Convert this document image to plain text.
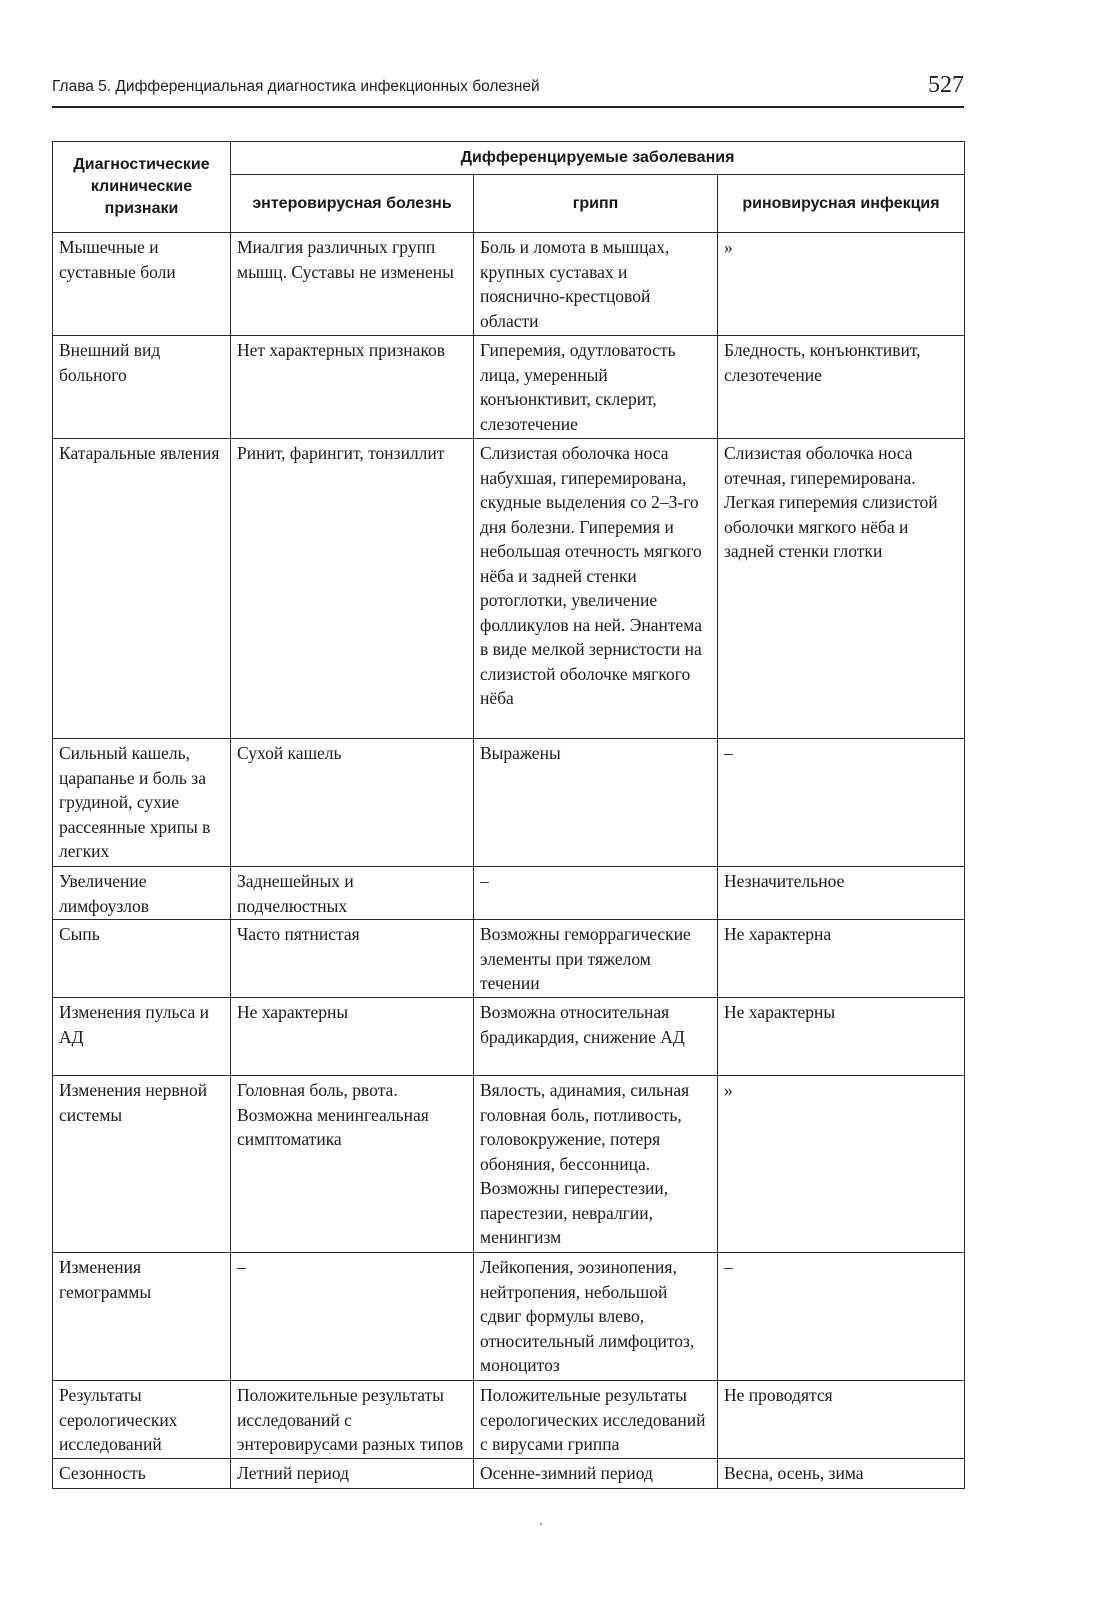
Глава 5. Дифференциальная диагностика инфекционных болезней	527
Диагностические клинические признаки	Дифференцируемые заболевания		
	энтеровирусная болезнь	грипп	риновирусная инфекция
Мышечные и суставные боли	Миалгия различных групп мышц. Суставы не изменены	Боль и ломота в мышцах, крупных суставах и пояснично-крестцовой области	»
Внешний вид больного	Нет характерных признаков	Гиперемия, одутловатость лица, умеренный конъюнктивит, склерит, слезотечение	Бледность, конъюнктивит, слезотечение
Катаральные явления	Ринит, фарингит, тонзиллит	Слизистая оболочка носа набухшая, гиперемирована, скудные выделения со 2–3-го дня болезни. Гиперемия и небольшая отечность мягкого нёба и задней стенки ротоглотки, увеличение фолликулов на ней. Энантема в виде мелкой зернистости на слизистой оболочке мягкого нёба	Слизистая оболочка носа отечная, гиперемирована. Легкая гиперемия слизистой оболочки мягкого нёба и задней стенки глотки
Сильный кашель, царапанье и боль за грудиной, сухие рассеянные хрипы в легких	Сухой кашель	Выражены	–
Увеличение лимфоузлов	Заднешейных и подчелюстных	–	Незначительное
Сыпь	Часто пятнистая	Возможны геморрагические элементы при тяжелом течении	Не характерна
Изменения пульса и АД	Не характерны	Возможна относительная брадикардия, снижение АД	Не характерны
Изменения нервной системы	Головная боль, рвота. Возможна менингеальная симптоматика	Вялость, адинамия, сильная головная боль, потливость, головокружение, потеря обоняния, бессонница. Возможны гиперестезии, парестезии, невралгии, менингизм	»
Изменения гемограммы	–	Лейкопения, эозинопения, нейтропения, небольшой сдвиг формулы влево, относительный лимфоцитоз, моноцитоз	–
Результаты серологических исследований	Положительные результаты исследований с энтеровирусами разных типов	Положительные результаты серологических исследований с вирусами гриппа	Не проводятся
Сезонность	Летний период	Осенне-зимний период	Весна, осень, зима
